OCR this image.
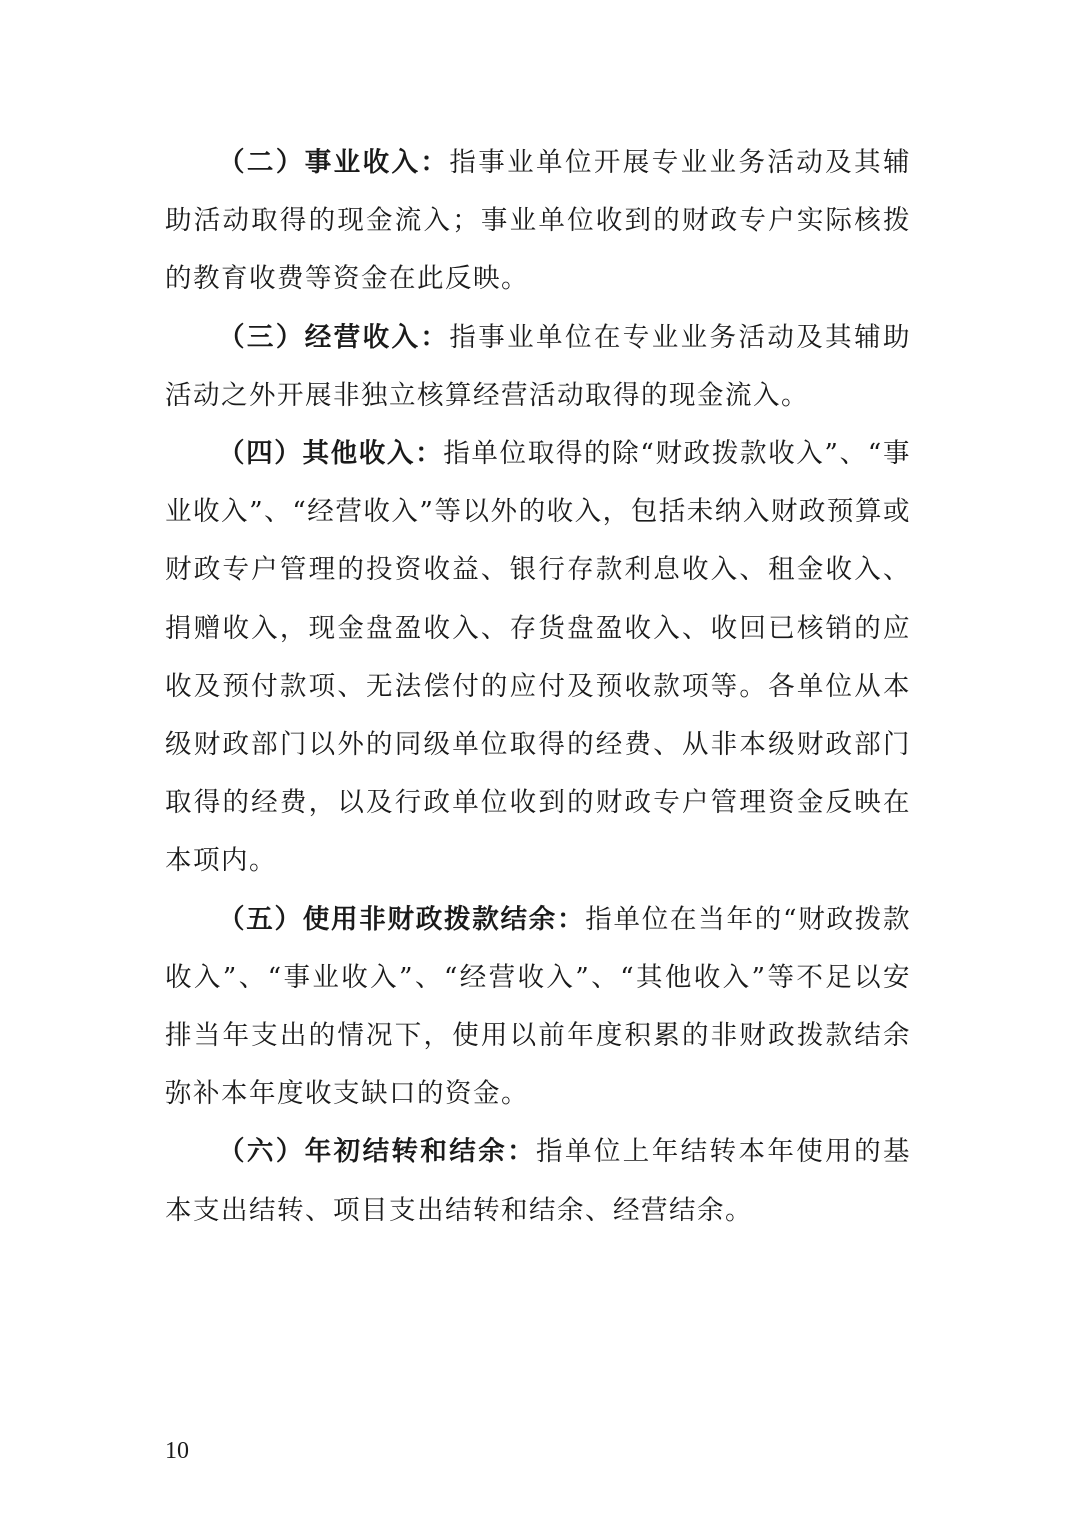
（二）事业收入：指事业单位开展专业业务活动及其辅助活动取得的现金流入；事业单位收到的财政专户实际核拨的教育收费等资金在此反映。

（三）经营收入：指事业单位在专业业务活动及其辅助活动之外开展非独立核算经营活动取得的现金流入。

（四）其他收入：指单位取得的除“财政拨款收入”、“事业收入”、“经营收入”等以外的收入，包括未纳入财政预算或财政专户管理的投资收益、银行存款利息收入、租金收入、捐赠收入，现金盘盈收入、存货盘盈收入、收回已核销的应收及预付款项、无法偿付的应付及预收款项等。各单位从本级财政部门以外的同级单位取得的经费、从非本级财政部门取得的经费，以及行政单位收到的财政专户管理资金反映在本项内。

（五）使用非财政拨款结余：指单位在当年的“财政拨款收入”、“事业收入”、“经营收入”、“其他收入”等不足以安排当年支出的情况下，使用以前年度积累的非财政拨款结余弥补本年度收支缺口的资金。

（六）年初结转和结余：指单位上年结转本年使用的基本支出结转、项目支出结转和结余、经营结余。

10
